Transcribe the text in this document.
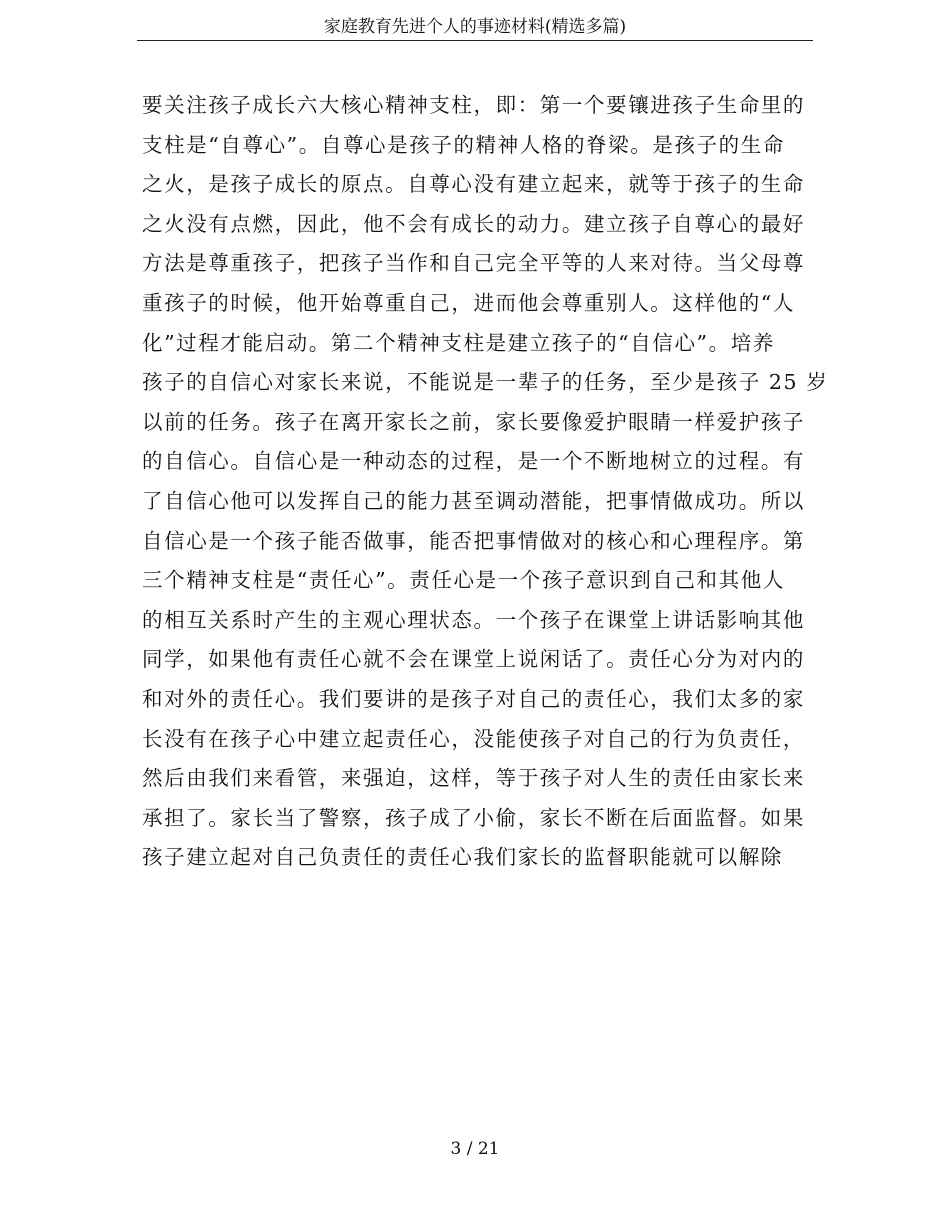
家庭教育先进个人的事迹材料(精选多篇)
要关注孩子成长六大核心精神支柱，即：第一个要镶进孩子生命里的
支柱是“自尊心”。自尊心是孩子的精神人格的脊梁。是孩子的生命
之火，是孩子成长的原点。自尊心没有建立起来，就等于孩子的生命
之火没有点燃，因此，他不会有成长的动力。建立孩子自尊心的最好
方法是尊重孩子，把孩子当作和自己完全平等的人来对待。当父母尊
重孩子的时候，他开始尊重自己，进而他会尊重别人。这样他的“人
化”过程才能启动。第二个精神支柱是建立孩子的“自信心”。培养
孩子的自信心对家长来说，不能说是一辈子的任务，至少是孩子 25 岁
以前的任务。孩子在离开家长之前，家长要像爱护眼睛一样爱护孩子
的自信心。自信心是一种动态的过程，是一个不断地树立的过程。有
了自信心他可以发挥自己的能力甚至调动潜能，把事情做成功。所以
自信心是一个孩子能否做事，能否把事情做对的核心和心理程序。第
三个精神支柱是“责任心”。责任心是一个孩子意识到自己和其他人
的相互关系时产生的主观心理状态。一个孩子在课堂上讲话影响其他
同学，如果他有责任心就不会在课堂上说闲话了。责任心分为对内的
和对外的责任心。我们要讲的是孩子对自己的责任心，我们太多的家
长没有在孩子心中建立起责任心，没能使孩子对自己的行为负责任，
然后由我们来看管，来强迫，这样，等于孩子对人生的责任由家长来
承担了。家长当了警察，孩子成了小偷，家长不断在后面监督。如果
孩子建立起对自己负责任的责任心我们家长的监督职能就可以解除
3 / 21
